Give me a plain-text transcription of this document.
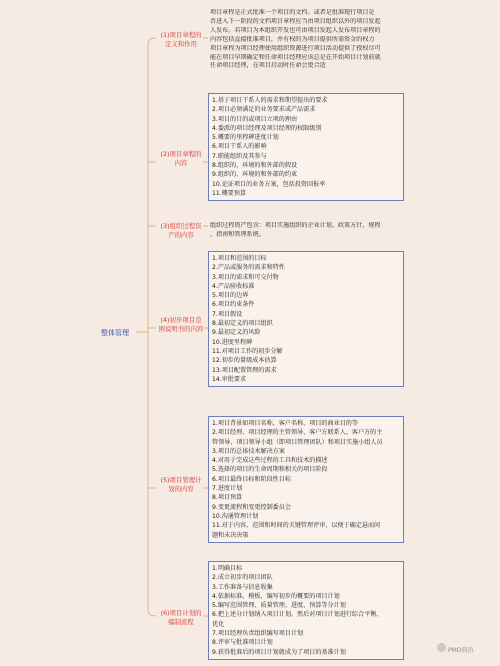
整体管理
(1)项目章程的定义和作用
项目章程是正式批准一个项目的文档。或者是批准现行项目是
否进入下一阶段的文档项目章程应当由项目组织以外的项目发起
人发布。若项目为本组织开发也可由项目发起人发布项目章程的
内容包括直接批准项目，并有权的为项目提供所需资金的权力
项目章程为项目经理使用组织资源进行项目活动提供了授权尽可
能在项目早期确定和任命项目经理应该总是在开始项目计划前就
任命项目经理，在项目启动时任命会更合适
(2)项目章程的内容
1.基于项目干系人的需求和期望提出的要求
2.项目必须满足的业务要求或产品需求
3.项目的目的或项目立项的理由
4.委派的项目经理及项目经理的权限级别
5.概要的里程碑进度计划
6.项目干系人的影响
7.职能组织及其参与
8.组织的、环境的和外部的假设
9.组织的、环境的和外部的约束
10.论证项目的业务方案，包括投资回报率
11.概要预算
(3)组织过程资产的内容
组织过程资产包含：项目实施组织的企业计划、政策方针、规程
、指南和管理系统。
(4)初步项目范围说明书的内容
1.项目和范围的目标
2.产品或服务的需求和特性
3.项目的需求和可交付物
4.产品验收标准
5.项目的边界
6.项目约束条件
7.项目假设
8.最初定义的项目组织
9.最初定义的风险
10.进度里程碑
11.对项目工作的初步分解
12.初步的量级成本估算
13.项目配置管理的需求
14.审批要求
(5)项目管理计划的内容
1.项目背景如项目名称、客户名称、项目的商业目的等
2.项目经理、项目经理的主管领导、客户方联系人、客户方的主
管领导、项目领导小组（即项目管理团队）和项目实施小组人员
3.项目的总体技术解决方案
4.对用于完成这些过程的工具和技术的描述
5.选择的项目的生命周期和相关的项目阶段
6.项目最终目标和阶段性目标
7.进度计划
8.项目预算
9.变更流程和变更控制委员会
10.沟通管理计划
11.对于内容、范围和时间的关键管理评审，以便于确定悬而问
题和未决决策
(6)项目计划的编制流程
1.明确目标
2.成立初步的项目团队
3.工作准备与信息收集
4.依据标准、模板，编写初步的概要的项目计划
5.编写范围管理、质量管理、进度、预算等分计划
6.把上述分计划纳入项目计划，然后对项目计划进行综合平衡、
优化
7.项目经理负责组织编写项目计划
8.评审与批准项目计划
9.获得批准后的项目计划就成为了项目的基准计划	PMO前沿
